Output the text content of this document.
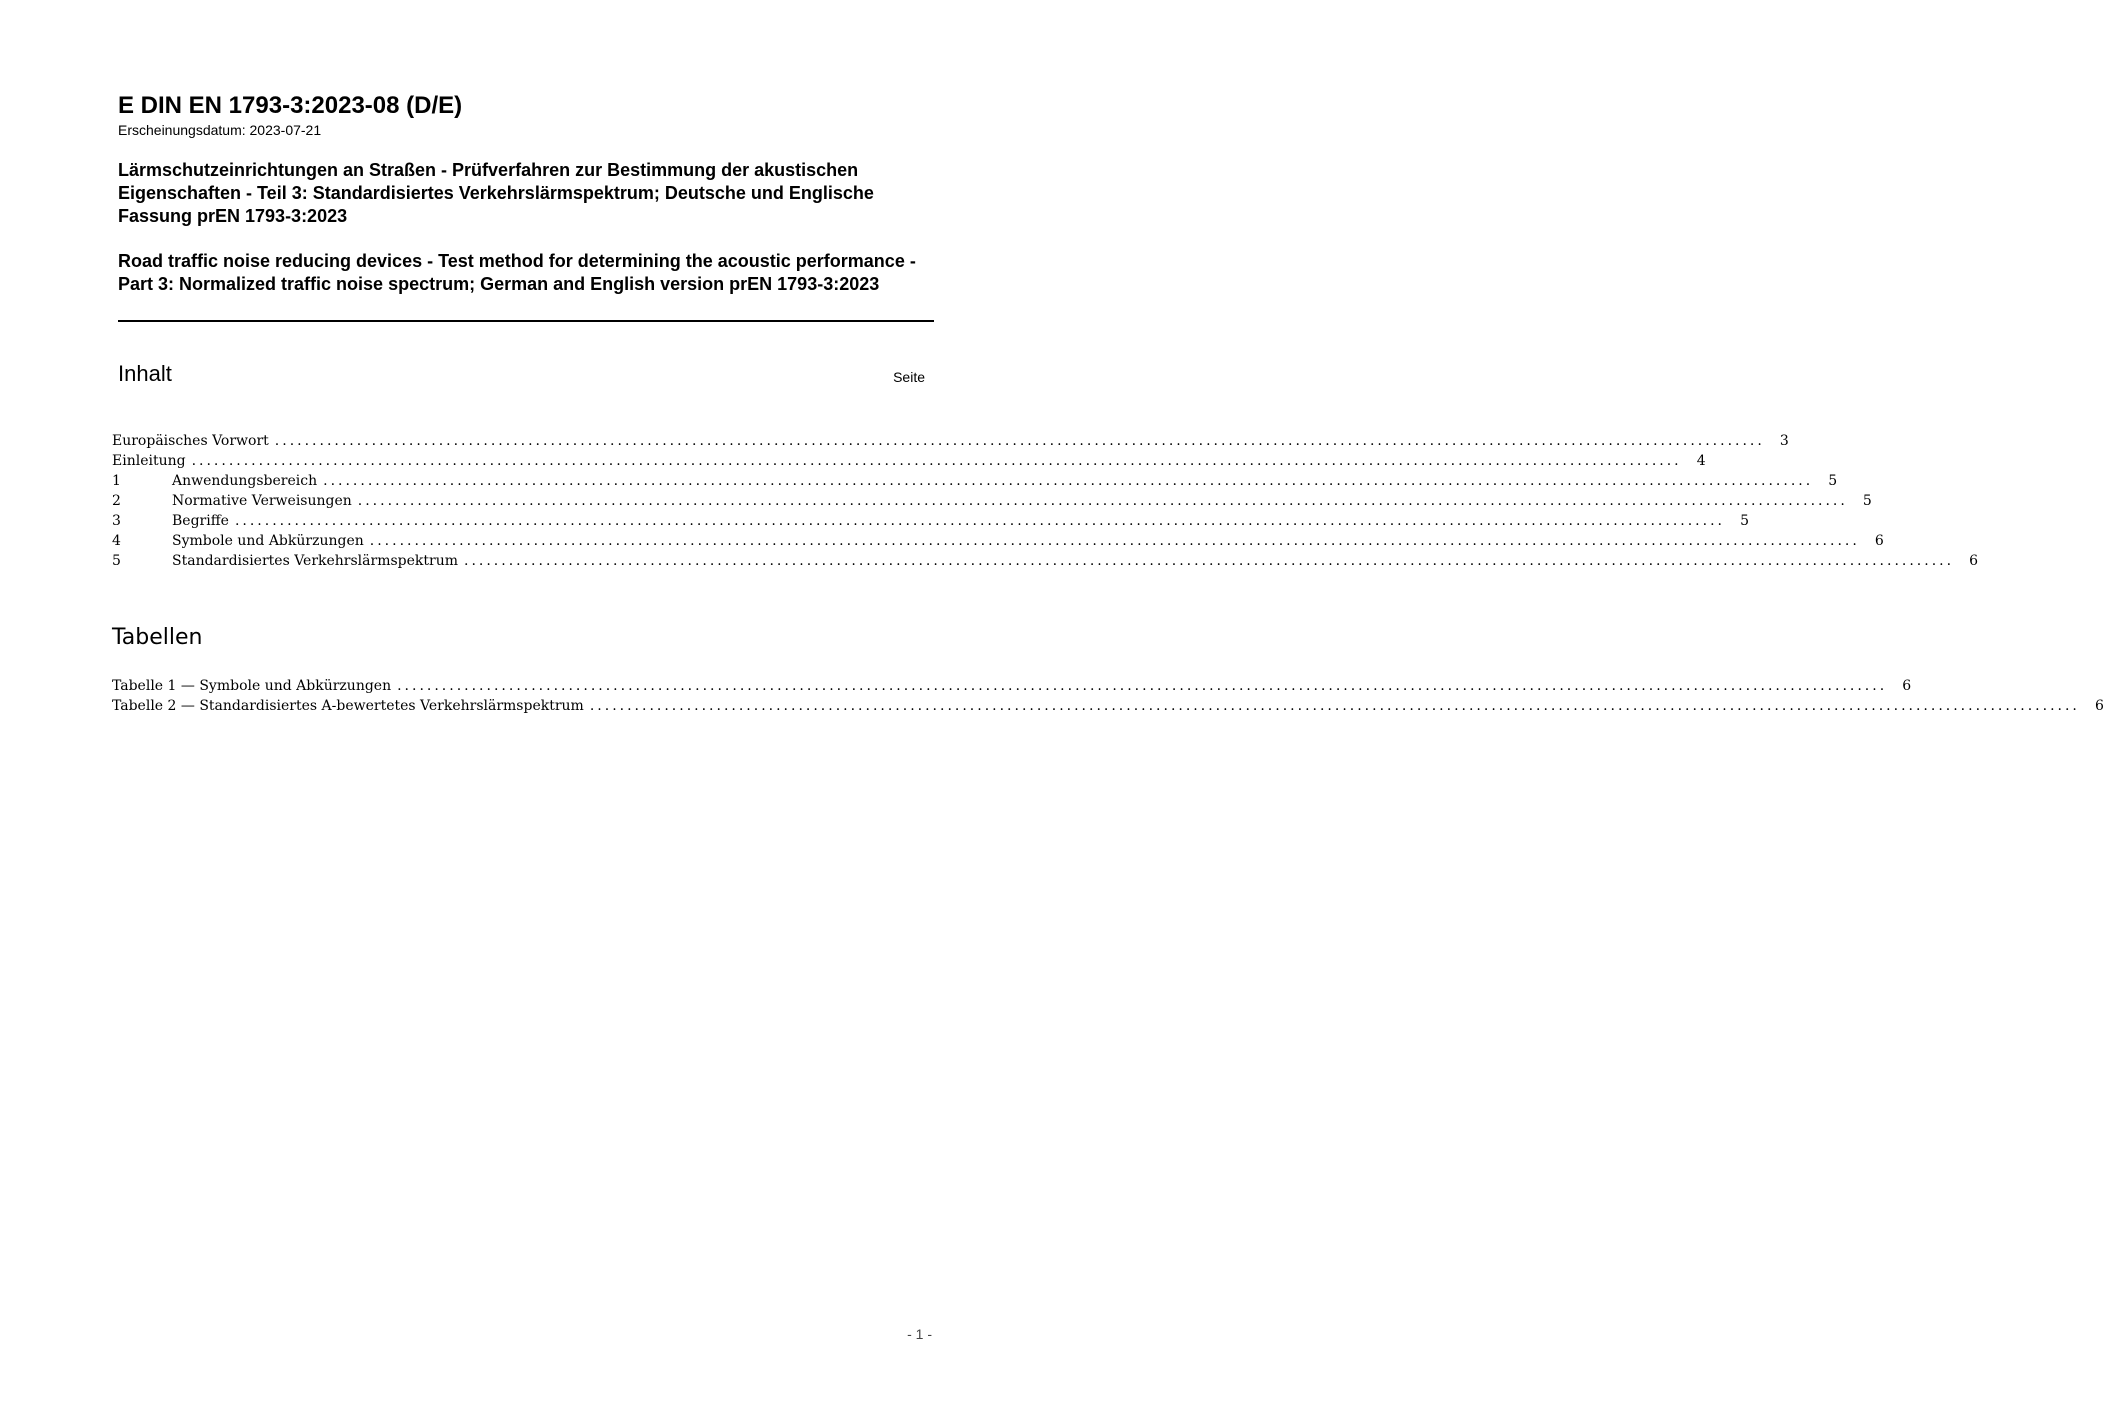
E DIN EN 1793-3:2023-08 (D/E)

Erscheinungsdatum: 2023-07-21

Lärmschutzeinrichtungen an Straßen - Prüfverfahren zur Bestimmung der akustischen Eigenschaften - Teil 3: Standardisiertes Verkehrslärmspektrum; Deutsche und Englische Fassung prEN 1793-3:2023

Road traffic noise reducing devices - Test method for determining the acoustic performance - Part 3: Normalized traffic noise spectrum; German and English version prEN 1793-3:2023

Inhalt	Seite
Europäisches Vorwort ........................................................................................................................................................................................................	3
Einleitung ........................................................................................................................................................................................................	4
1	Anwendungsbereich ........................................................................................................................................................................................................	5
2	Normative Verweisungen ........................................................................................................................................................................................................	5
3	Begriffe ........................................................................................................................................................................................................	5
4	Symbole und Abkürzungen ........................................................................................................................................................................................................	6
5	Standardisiertes Verkehrslärmspektrum ........................................................................................................................................................................................................	6
Tabellen
Tabelle 1 — Symbole und Abkürzungen ........................................................................................................................................................................................................	6
Tabelle 2 — Standardisiertes A-bewertetes Verkehrslärmspektrum ........................................................................................................................................................................................................	6
- 1 -
